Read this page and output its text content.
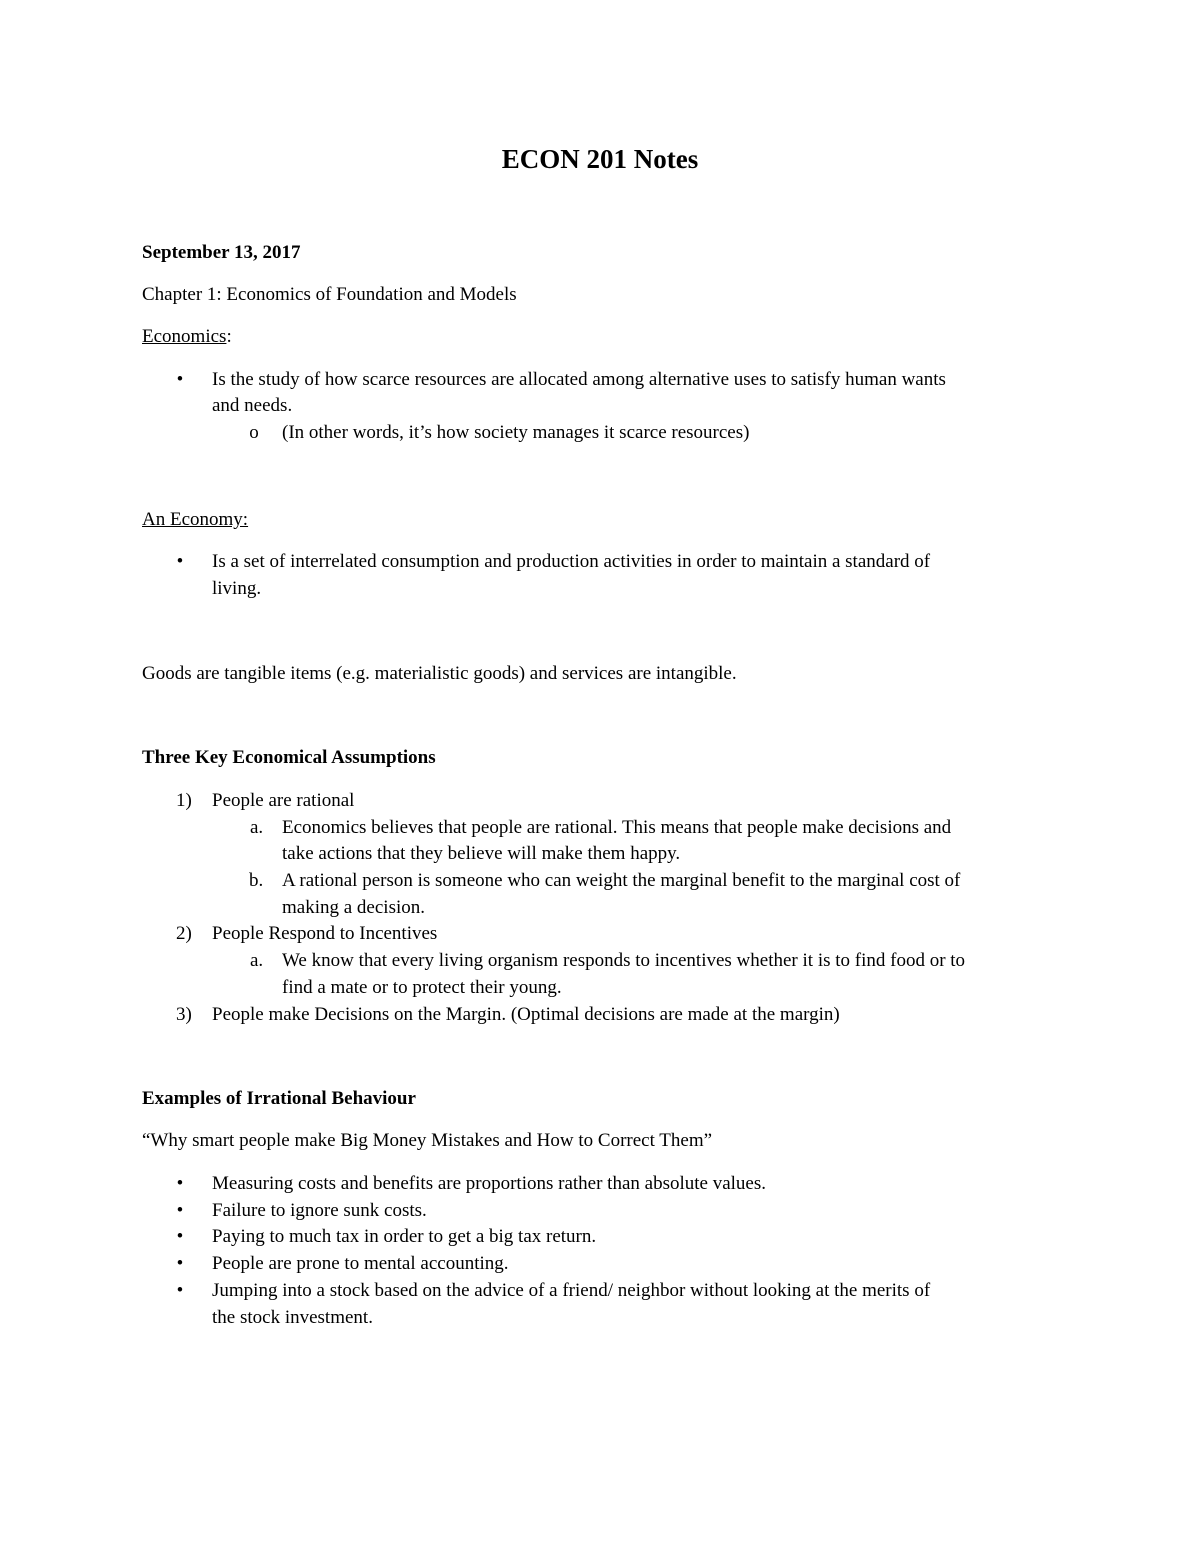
ECON 201 Notes
September 13, 2017
Chapter 1: Economics of Foundation and Models
Economics:
• Is the study of how scarce resources are allocated among alternative uses to satisfy human wants
and needs.
o (In other words, it’s how society manages it scarce resources)
An Economy:
• Is a set of interrelated consumption and production activities in order to maintain a standard of
living.
Goods are tangible items (e.g. materialistic goods) and services are intangible.
Three Key Economical Assumptions
1) People are rational
a. Economics believes that people are rational. This means that people make decisions and
take actions that they believe will make them happy.
b. A rational person is someone who can weight the marginal benefit to the marginal cost of
making a decision.
2) People Respond to Incentives
a. We know that every living organism responds to incentives whether it is to find food or to
find a mate or to protect their young.
3) People make Decisions on the Margin. (Optimal decisions are made at the margin)
Examples of Irrational Behaviour
“Why smart people make Big Money Mistakes and How to Correct Them”
• Measuring costs and benefits are proportions rather than absolute values.
• Failure to ignore sunk costs.
• Paying to much tax in order to get a big tax return.
• People are prone to mental accounting.
• Jumping into a stock based on the advice of a friend/ neighbor without looking at the merits of
the stock investment.
